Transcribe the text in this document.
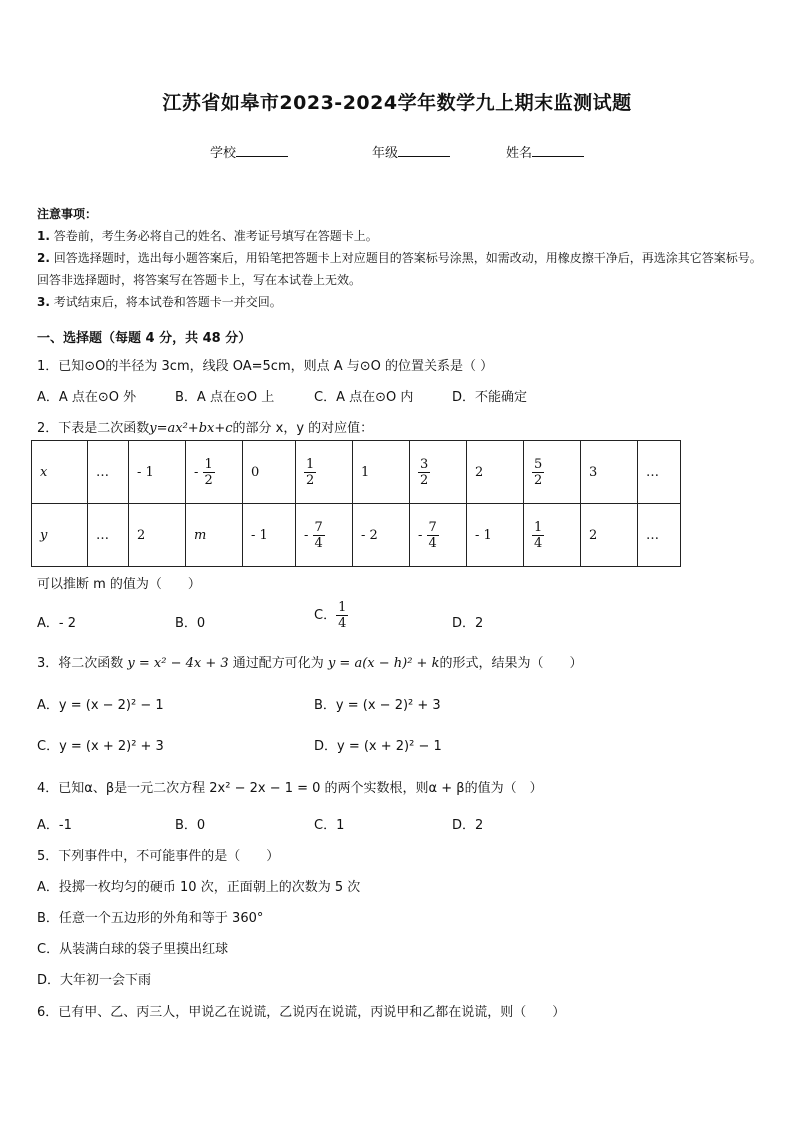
江苏省如皋市2023-2024学年数学九上期末监测试题
学校	年级	姓名
注意事项：
1. 答卷前，考生务必将自己的姓名、准考证号填写在答题卡上。
2. 回答选择题时，选出每小题答案后，用铅笔把答题卡上对应题目的答案标号涂黑，如需改动，用橡皮擦干净后，再选涂其它答案标号。回答非选择题时，将答案写在答题卡上，写在本试卷上无效。
3. 考试结束后，将本试卷和答题卡一并交回。
一、选择题（每题 4 分，共 48 分）
1．已知⊙O的半径为 3cm，线段 OA=5cm，则点 A 与⊙O 的位置关系是（ ）
A．A 点在⊙O 外	B．A 点在⊙O 上	C．A 点在⊙O 内	D．不能确定
2．下表是二次函数y=ax²+bx+c的部分 x，y 的对应值：
x	…	- 1	- $\frac{1}{2}$	0	$\frac{1}{2}$	1	$\frac{3}{2}$	2	$\frac{5}{2}$	3	…
y	…	2	m	- 1	- $\frac{7}{4}$	- 2	- $\frac{7}{4}$	- 1	$\frac{1}{4}$	2	…
可以推断 m 的值为（　　）
A．- 2	B．0
C． $\frac{1}{4}$	D．2
3．将二次函数 y = x² − 4x + 3 通过配方可化为 y = a(x − h)² + k的形式，结果为（　　）
A．y = (x − 2)² − 1	B．y = (x − 2)² + 3
C．y = (x + 2)² + 3	D．y = (x + 2)² − 1
4．已知α、β是一元二次方程 2x² − 2x − 1 = 0 的两个实数根，则α + β的值为（　）
A．-1	B．0	C．1	D．2
5．下列事件中，不可能事件的是（　　）
A．投掷一枚均匀的硬币 10 次，正面朝上的次数为 5 次
B．任意一个五边形的外角和等于 360°
C．从装满白球的袋子里摸出红球
D．大年初一会下雨
6．已有甲、乙、丙三人，甲说乙在说谎，乙说丙在说谎，丙说甲和乙都在说谎，则（　　）
